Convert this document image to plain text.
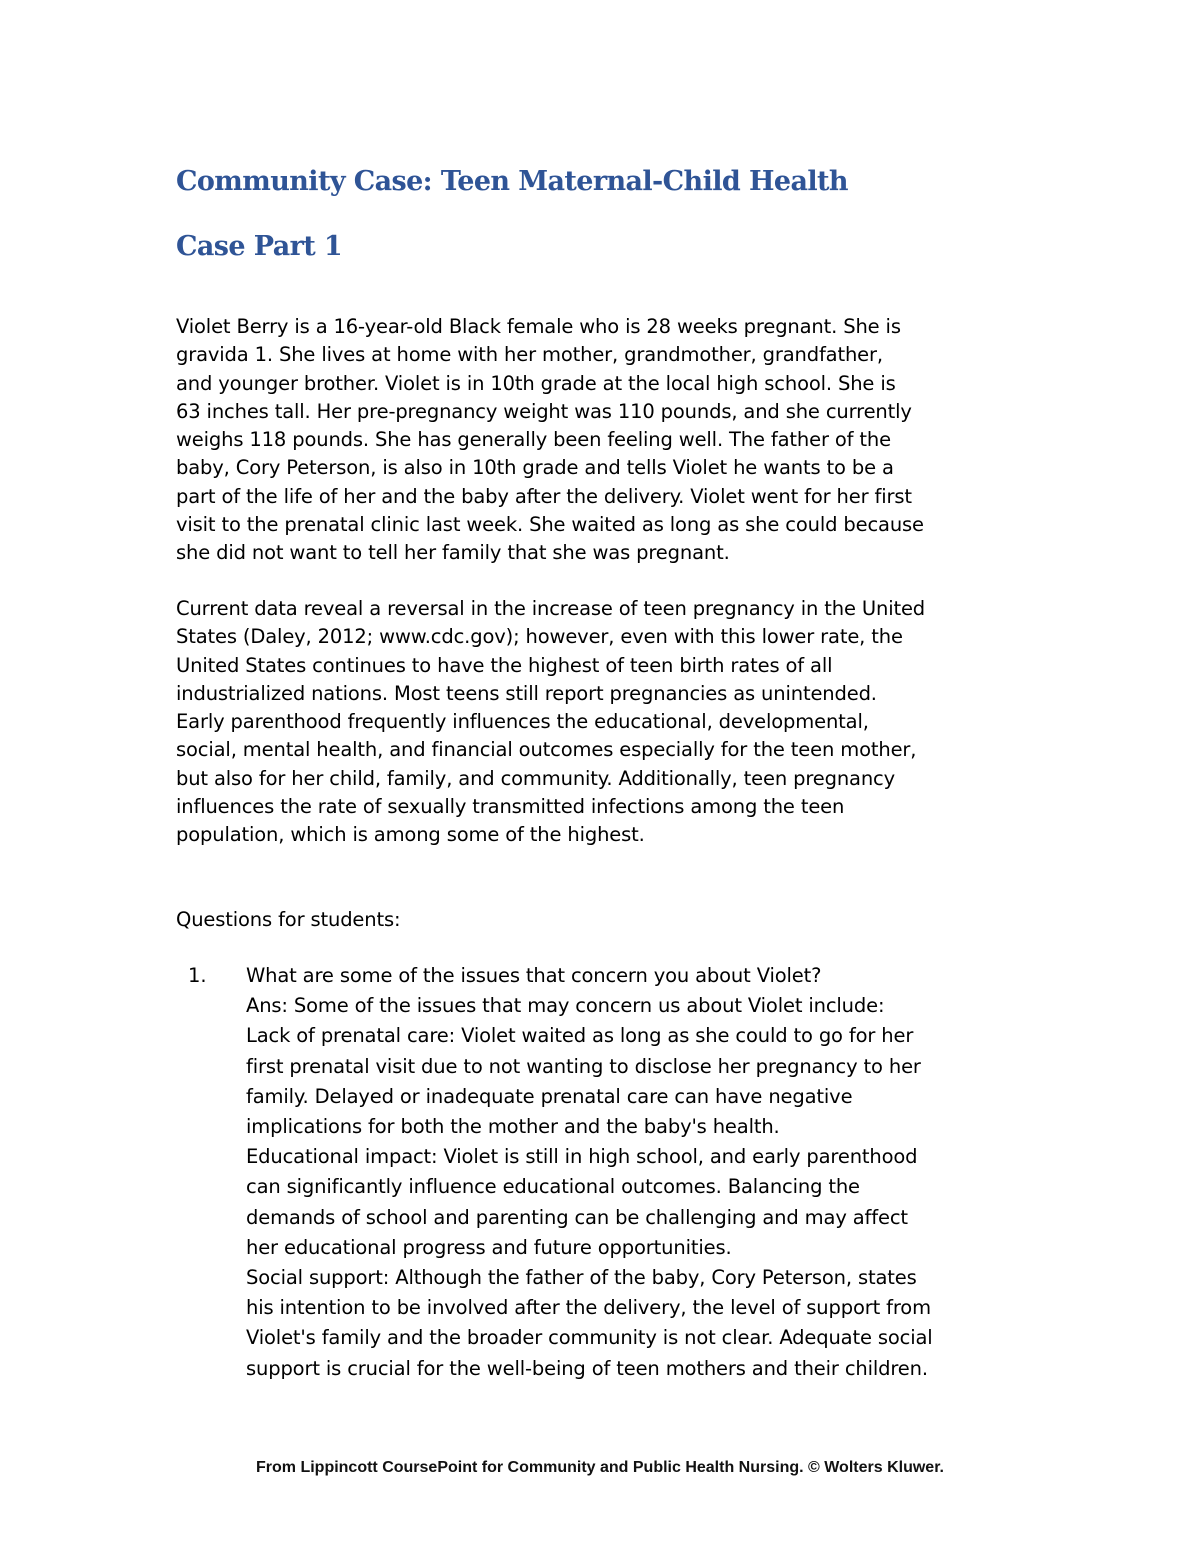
Community Case: Teen Maternal-Child Health
Case Part 1
Violet Berry is a 16-year-old Black female who is 28 weeks pregnant. She is
gravida 1. She lives at home with her mother, grandmother, grandfather,
and younger brother. Violet is in 10th grade at the local high school. She is
63 inches tall. Her pre-pregnancy weight was 110 pounds, and she currently
weighs 118 pounds. She has generally been feeling well. The father of the
baby, Cory Peterson, is also in 10th grade and tells Violet he wants to be a
part of the life of her and the baby after the delivery. Violet went for her first
visit to the prenatal clinic last week. She waited as long as she could because
she did not want to tell her family that she was pregnant.
Current data reveal a reversal in the increase of teen pregnancy in the United
States (Daley, 2012; www.cdc.gov); however, even with this lower rate, the
United States continues to have the highest of teen birth rates of all
industrialized nations. Most teens still report pregnancies as unintended.
Early parenthood frequently influences the educational, developmental,
social, mental health, and financial outcomes especially for the teen mother,
but also for her child, family, and community. Additionally, teen pregnancy
influences the rate of sexually transmitted infections among the teen
population, which is among some of the highest.

Questions for students:

1. What are some of the issues that concern you about Violet?
Ans: Some of the issues that may concern us about Violet include:
Lack of prenatal care: Violet waited as long as she could to go for her
first prenatal visit due to not wanting to disclose her pregnancy to her
family. Delayed or inadequate prenatal care can have negative
implications for both the mother and the baby's health.
Educational impact: Violet is still in high school, and early parenthood
can significantly influence educational outcomes. Balancing the
demands of school and parenting can be challenging and may affect
her educational progress and future opportunities.
Social support: Although the father of the baby, Cory Peterson, states
his intention to be involved after the delivery, the level of support from
Violet's family and the broader community is not clear. Adequate social
support is crucial for the well-being of teen mothers and their children.
From Lippincott CoursePoint for Community and Public Health Nursing. © Wolters Kluwer.
